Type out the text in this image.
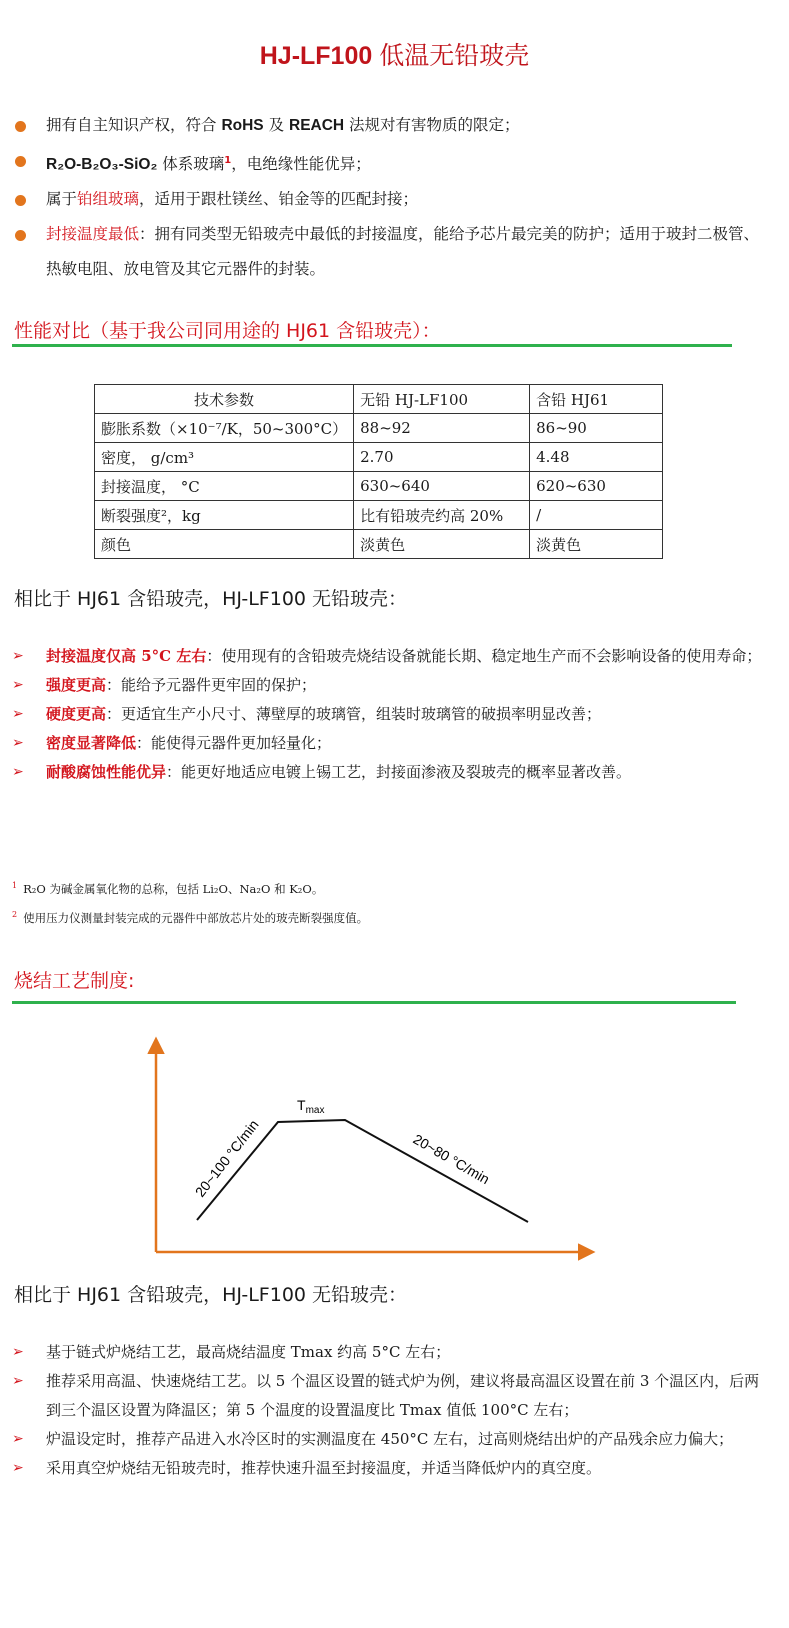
HJ-LF100 低温无铅玻壳
拥有自主知识产权，符合 RoHS 及 REACH 法规对有害物质的限定；
R₂O-B₂O₃-SiO₂ 体系玻璃$^1$，电绝缘性能优异；
属于铂组玻璃，适用于跟杜镁丝、铂金等的匹配封接；
封接温度最低：拥有同类型无铅玻壳中最低的封接温度，能给予芯片最完美的防护；适用于玻封二极管、热敏电阻、放电管及其它元器件的封装。
性能对比（基于我公司同用途的 HJ61 含铅玻壳）：
技术参数	无铅 HJ-LF100	含铅 HJ61
膨胀系数（×10⁻⁷/K，50~300°C）	88~92	86~90
密度， g/cm³	2.70	4.48
封接温度， °C	630~640	620~630
断裂强度²，kg	比有铅玻壳约高 20%	/
颜色	淡黄色	淡黄色
相比于 HJ61 含铅玻壳，HJ-LF100 无铅玻壳：
➢ 封接温度仅高 5°C 左右：使用现有的含铅玻壳烧结设备就能长期、稳定地生产而不会影响设备的使用寿命；
➢ 强度更高：能给予元器件更牢固的保护；
➢ 硬度更高：更适宜生产小尺寸、薄壁厚的玻璃管，组装时玻璃管的破损率明显改善；
➢ 密度显著降低：能使得元器件更加轻量化；
➢ 耐酸腐蚀性能优异：能更好地适应电镀上锡工艺，封接面渗液及裂玻壳的概率显著改善。
$^1$ R₂O 为碱金属氧化物的总称，包括 Li₂O、Na₂O 和 K₂O。
$^2$ 使用压力仪测量封装完成的元器件中部放芯片处的玻壳断裂强度值。
烧结工艺制度:
$T_{max}$
20~100 °C/min	20~80 °C/min
相比于 HJ61 含铅玻壳，HJ-LF100 无铅玻壳：
➢ 基于链式炉烧结工艺，最高烧结温度 Tmax 约高 5°C 左右；
➢ 推荐采用高温、快速烧结工艺。以 5 个温区设置的链式炉为例，建议将最高温区设置在前 3 个温区内，后两到三个温区设置为降温区；第 5 个温度的设置温度比 Tmax 值低 100°C 左右；
➢ 炉温设定时，推荐产品进入水冷区时的实测温度在 450°C 左右，过高则烧结出炉的产品残余应力偏大；
➢ 采用真空炉烧结无铅玻壳时，推荐快速升温至封接温度，并适当降低炉内的真空度。
